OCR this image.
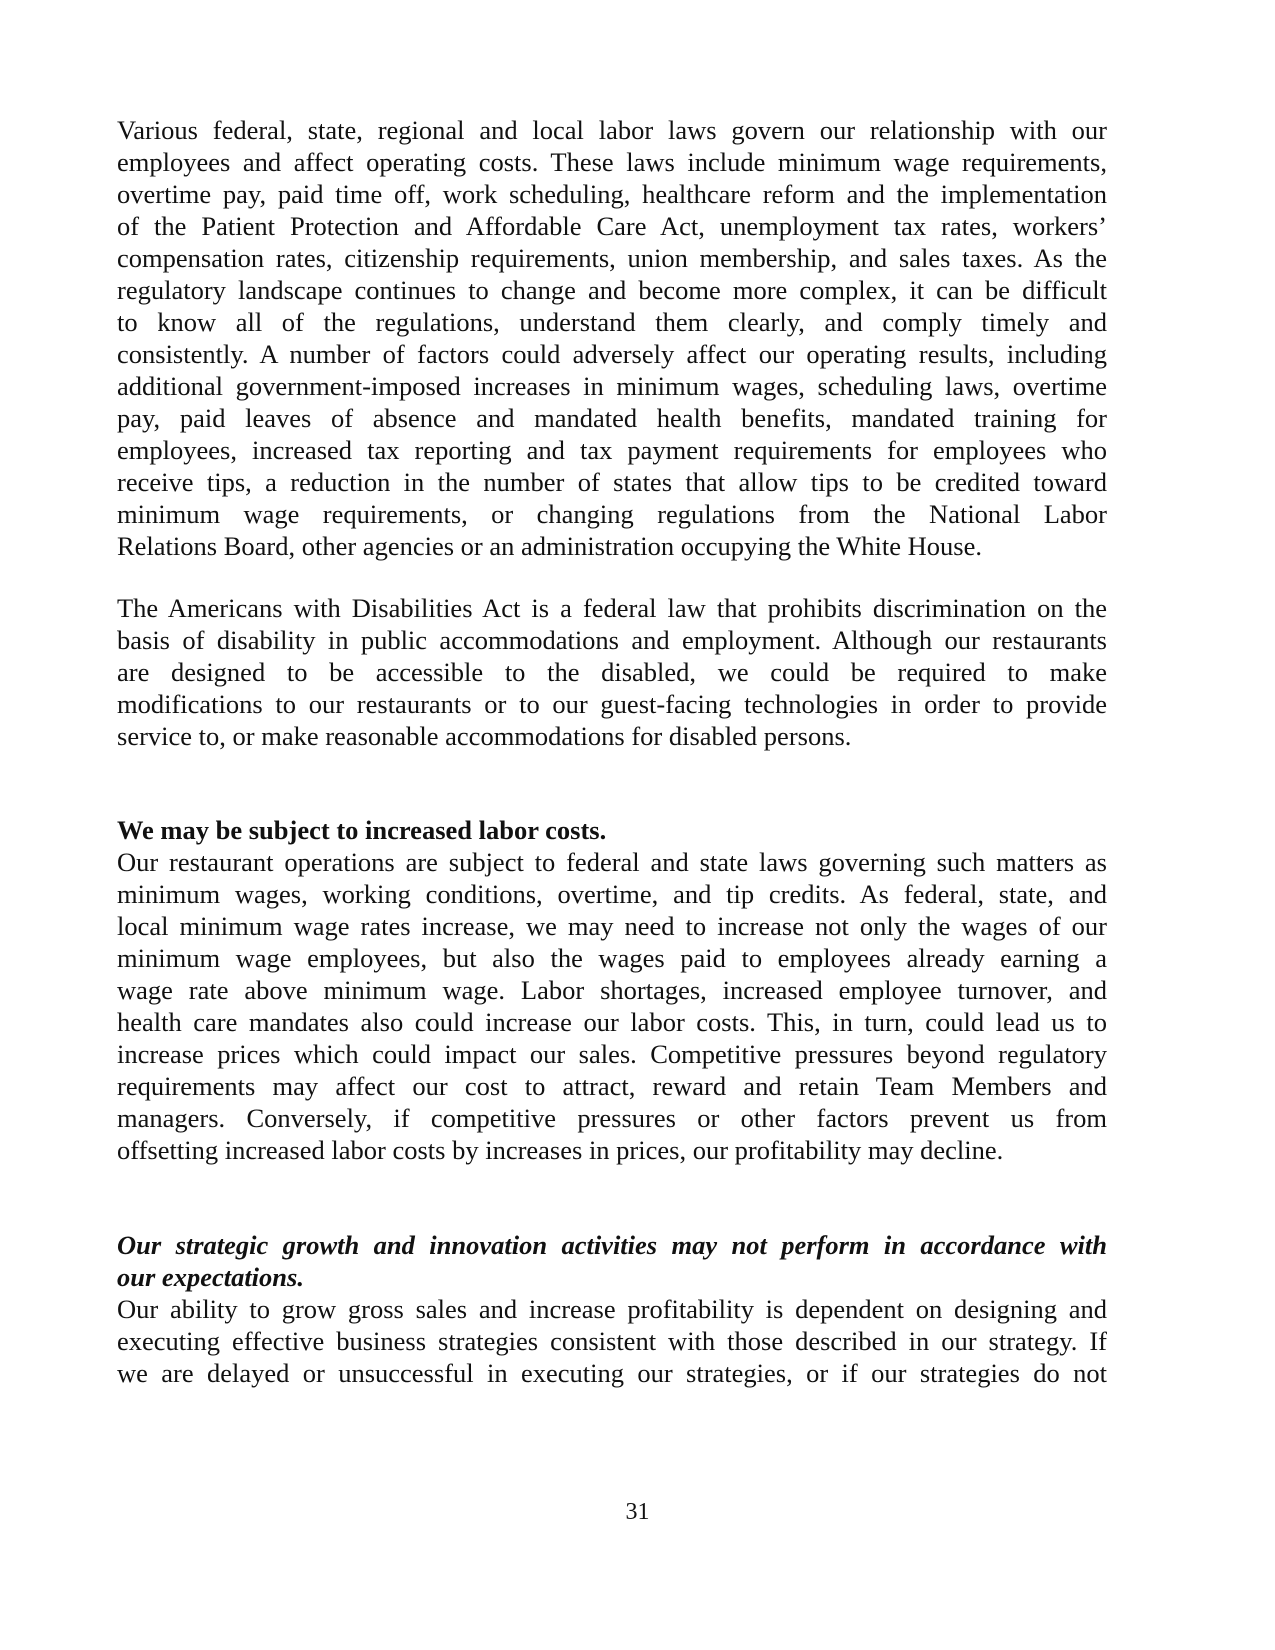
Various federal, state, regional and local labor laws govern our relationship with our
employees and affect operating costs. These laws include minimum wage requirements,
overtime pay, paid time off, work scheduling, healthcare reform and the implementation
of the Patient Protection and Affordable Care Act, unemployment tax rates, workers’
compensation rates, citizenship requirements, union membership, and sales taxes. As the
regulatory landscape continues to change and become more complex, it can be difficult
to know all of the regulations, understand them clearly, and comply timely and
consistently. A number of factors could adversely affect our operating results, including
additional government-imposed increases in minimum wages, scheduling laws, overtime
pay, paid leaves of absence and mandated health benefits, mandated training for
employees, increased tax reporting and tax payment requirements for employees who
receive tips, a reduction in the number of states that allow tips to be credited toward
minimum wage requirements, or changing regulations from the National Labor
Relations Board, other agencies or an administration occupying the White House.
The Americans with Disabilities Act is a federal law that prohibits discrimination on the
basis of disability in public accommodations and employment. Although our restaurants
are designed to be accessible to the disabled, we could be required to make
modifications to our restaurants or to our guest-facing technologies in order to provide
service to, or make reasonable accommodations for disabled persons.
We may be subject to increased labor costs.
Our restaurant operations are subject to federal and state laws governing such matters as
minimum wages, working conditions, overtime, and tip credits. As federal, state, and
local minimum wage rates increase, we may need to increase not only the wages of our
minimum wage employees, but also the wages paid to employees already earning a
wage rate above minimum wage. Labor shortages, increased employee turnover, and
health care mandates also could increase our labor costs. This, in turn, could lead us to
increase prices which could impact our sales. Competitive pressures beyond regulatory
requirements may affect our cost to attract, reward and retain Team Members and
managers. Conversely, if competitive pressures or other factors prevent us from
offsetting increased labor costs by increases in prices, our profitability may decline.
Our strategic growth and innovation activities may not perform in accordance with
our expectations.
Our ability to grow gross sales and increase profitability is dependent on designing and
executing effective business strategies consistent with those described in our strategy. If
we are delayed or unsuccessful in executing our strategies, or if our strategies do not
31
